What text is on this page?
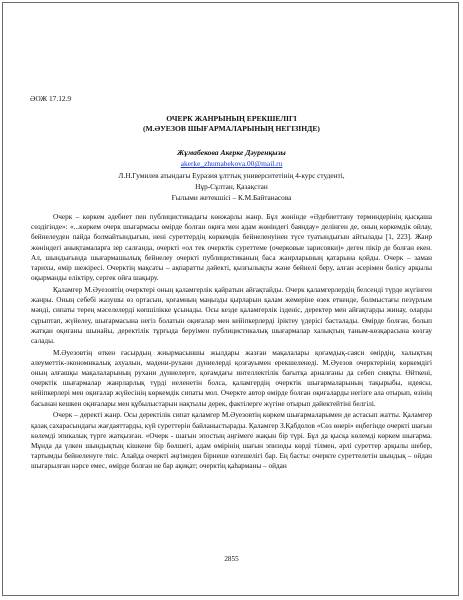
ӘОЖ 17.12.9
ОЧЕРК ЖАНРЫНЫҢ ЕРЕКШЕЛІГІ
(М.ӘУЕЗОВ ШЫҒАРМАЛАРЫНЫҢ НЕГІЗІНДЕ)
Жұмабекова Акерке Дәуренқызы
akerke_zhumabekova.00@mail.ru
Л.Н.Гумилев атындағы Еуразия ұлттық университетінің 4-курс студенті,
Нұр-Сұлтан, Қазақстан
Ғылыми жетекшісі – К.М.Байтанасова

Очерк – көркем әдебиет пен публицистикадағы көнжарлы жанр. Бұл жөнінде «Әдебиеттану терминдерінің қысқаша сөздігінде»: «...көркем очерк шығармасы өмірде болған оқиға мен адам жөніндегі баяндау» делінген де, оның көркемдік ойлау, бейнелеуден пайда болмайтындығын, нені суреттердің көркемдік бейнеленуінен түсе туатындығын айтылады [1, 223]. Жанр жөніндегі анықтамаларға зер салғанда, очеркті «ол тек очерктік суреттеме (очерковые зарисовки)» деген пікір де болған екен. Ал, шындығында шығармашылық бейнелеу очеркті публицистиканың баса жанрларының қатарына қойды. Очерк – заман тарихы, өмір шежіресі. Очерктің мақсаты – ақпаратты дәйекті, қызғылықты және бейнелі беру, алған әсерімен бөлісу арқылы оқырманды еліктіру, сергек ойға шақыру.

Қаламгер М.Әуезовтің очерктері оның қаламгерлік қайратын айғақтайды. Очерк қаламгерлердің белсенді түрде жүгінген жанры. Оның себебі жазушы өз ортасын, қоғамның маңызды қырларын қалам жемеріне өзек еткенде, болмыстағы пезүрлым мәнді, сипаты терең мәселелерді көпшілікке ұсынады. Осы кезде қаламгерлік ізденіс, деректер мен айғақтарды жинау, оларды сұрыптап, жүйелеу, шығармасына негіз болатын оқиғалар мен кейіпкерлерді іріктеу үдерісі басталады. Өмірде болған, болып жатқан оқиғаны шынайы, деректілік тұрғыда беруімен публицистикалық шығармалар халықтың таным-көзқарасына көзгау салады.

М.Әуезовтің өткен ғасырдың жиырмасыншы жылдары жазған мақалалары қоғамдық-саяси өмірдің, халықтың әлеуметтік-экономикалық ахуалын, мәдени-рухани дүниелерді қозғауымен ерекшеленеді. М.Әуезов очерктерінің көркемдігі оның алғашқы мақалаларының рухани дүниелерге, қоғамдағы интеллектілік бағытқа арналғаны да себеп сияқты. Өйткені, очерктік шығармалар жанрларлық түрді иеленетін болса, қаламгердің очерктік шығармаларының тақырыбы, идеясы, кейіпкерлері мен оқиғалар жүйесінің көркемдік сипаты мол. Очеркте автор өмірде болған оқиғаларды негізге ала отырып, өзінің басынан кешкен оқиғалары мен құбылыстарын нақтылы дерек, фактілерге жүгіне отырып дәйектейтіні белгілі.

Очерк – деректі жанр. Осы деректілік сипат қаламгер М.Әуезовтің көркем шығармаларымен де астасып жатты. Қаламгер қазақ сахарасындағы жағдаяттарды, күй суреттерін байланыстырады. Қаламгер З.Қабдолов «Сөз өнері» еңбегінде очеркті шағын көлемді эпикалық түрге жатқызған. «Очерк - шағын эпостың әңгімеге жақын бір түрі. Бұл да қысқа көлемді көркем шығарма. Мұнда да үлкен шындықтың кішкене бір бөлшегі, адам өмірінің шағын эпизоды көрді тілмен, әрлі суреттер арқылы шебер, тартымды бейнеленуге тиіс. Алайда очеркті әңгімеден бірнеше өзгешелігі бар. Ең басты: очеркте суреттелетін шындық – ойдан шығарылған нәрсе емес, өмірде болған не бар ақиқат; очерктің қаһарманы – ойдан

2855
